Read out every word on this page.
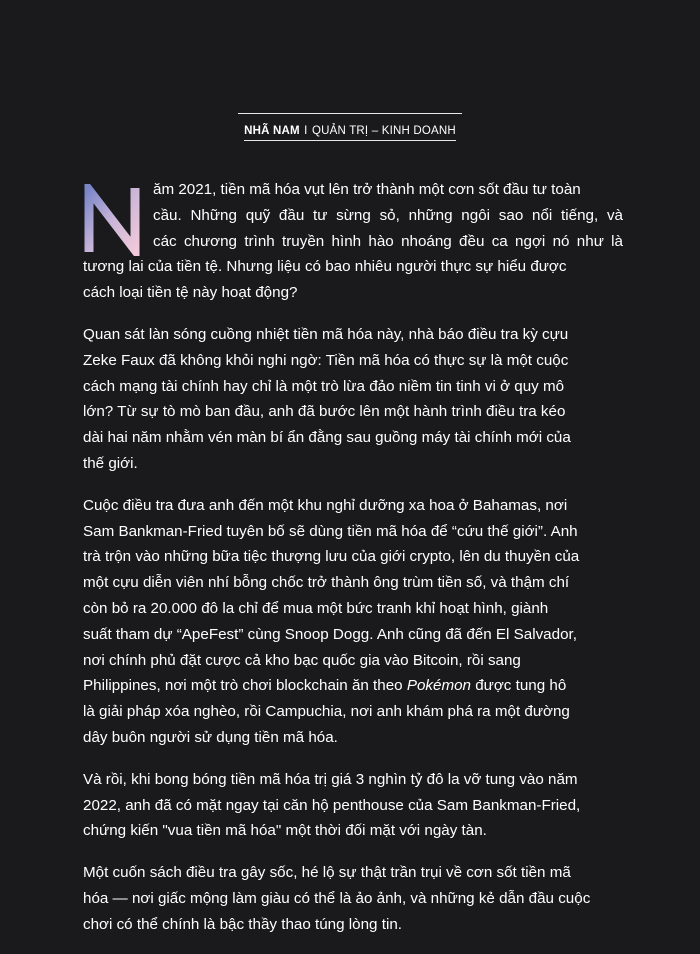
NHÃ NAM I QUẢN TRỊ – KINH DOANH

ăm 2021, tiền mã hóa vụt lên trở thành một cơn sốt đầu tư toàn
cầu. Những quỹ đầu tư sừng sỏ, những ngôi sao nổi tiếng, và
các chương trình truyền hình hào nhoáng đều ca ngợi nó như là
tương lai của tiền tệ. Nhưng liệu có bao nhiêu người thực sự hiểu được
cách loại tiền tệ này hoạt động?

Quan sát làn sóng cuồng nhiệt tiền mã hóa này, nhà báo điều tra kỳ cựu
Zeke Faux đã không khỏi nghi ngờ: Tiền mã hóa có thực sự là một cuộc
cách mạng tài chính hay chỉ là một trò lừa đảo niềm tin tinh vi ở quy mô
lớn? Từ sự tò mò ban đầu, anh đã bước lên một hành trình điều tra kéo
dài hai năm nhằm vén màn bí ẩn đằng sau guồng máy tài chính mới của
thế giới.

Cuộc điều tra đưa anh đến một khu nghỉ dưỡng xa hoa ở Bahamas, nơi
Sam Bankman-Fried tuyên bố sẽ dùng tiền mã hóa để “cứu thế giới”. Anh
trà trộn vào những bữa tiệc thượng lưu của giới crypto, lên du thuyền của
một cựu diễn viên nhí bỗng chốc trở thành ông trùm tiền số, và thậm chí
còn bỏ ra 20.000 đô la chỉ để mua một bức tranh khỉ hoạt hình, giành
suất tham dự “ApeFest” cùng Snoop Dogg. Anh cũng đã đến El Salvador,
nơi chính phủ đặt cược cả kho bạc quốc gia vào Bitcoin, rồi sang
Philippines, nơi một trò chơi blockchain ăn theo Pokémon được tung hô
là giải pháp xóa nghèo, rồi Campuchia, nơi anh khám phá ra một đường
dây buôn người sử dụng tiền mã hóa.

Và rồi, khi bong bóng tiền mã hóa trị giá 3 nghìn tỷ đô la vỡ tung vào năm
2022, anh đã có mặt ngay tại căn hộ penthouse của Sam Bankman-Fried,
chứng kiến "vua tiền mã hóa" một thời đối mặt với ngày tàn.

Một cuốn sách điều tra gây sốc, hé lộ sự thật trần trụi về cơn sốt tiền mã
hóa — nơi giấc mộng làm giàu có thể là ảo ảnh, và những kẻ dẫn đầu cuộc
chơi có thể chính là bậc thầy thao túng lòng tin.
